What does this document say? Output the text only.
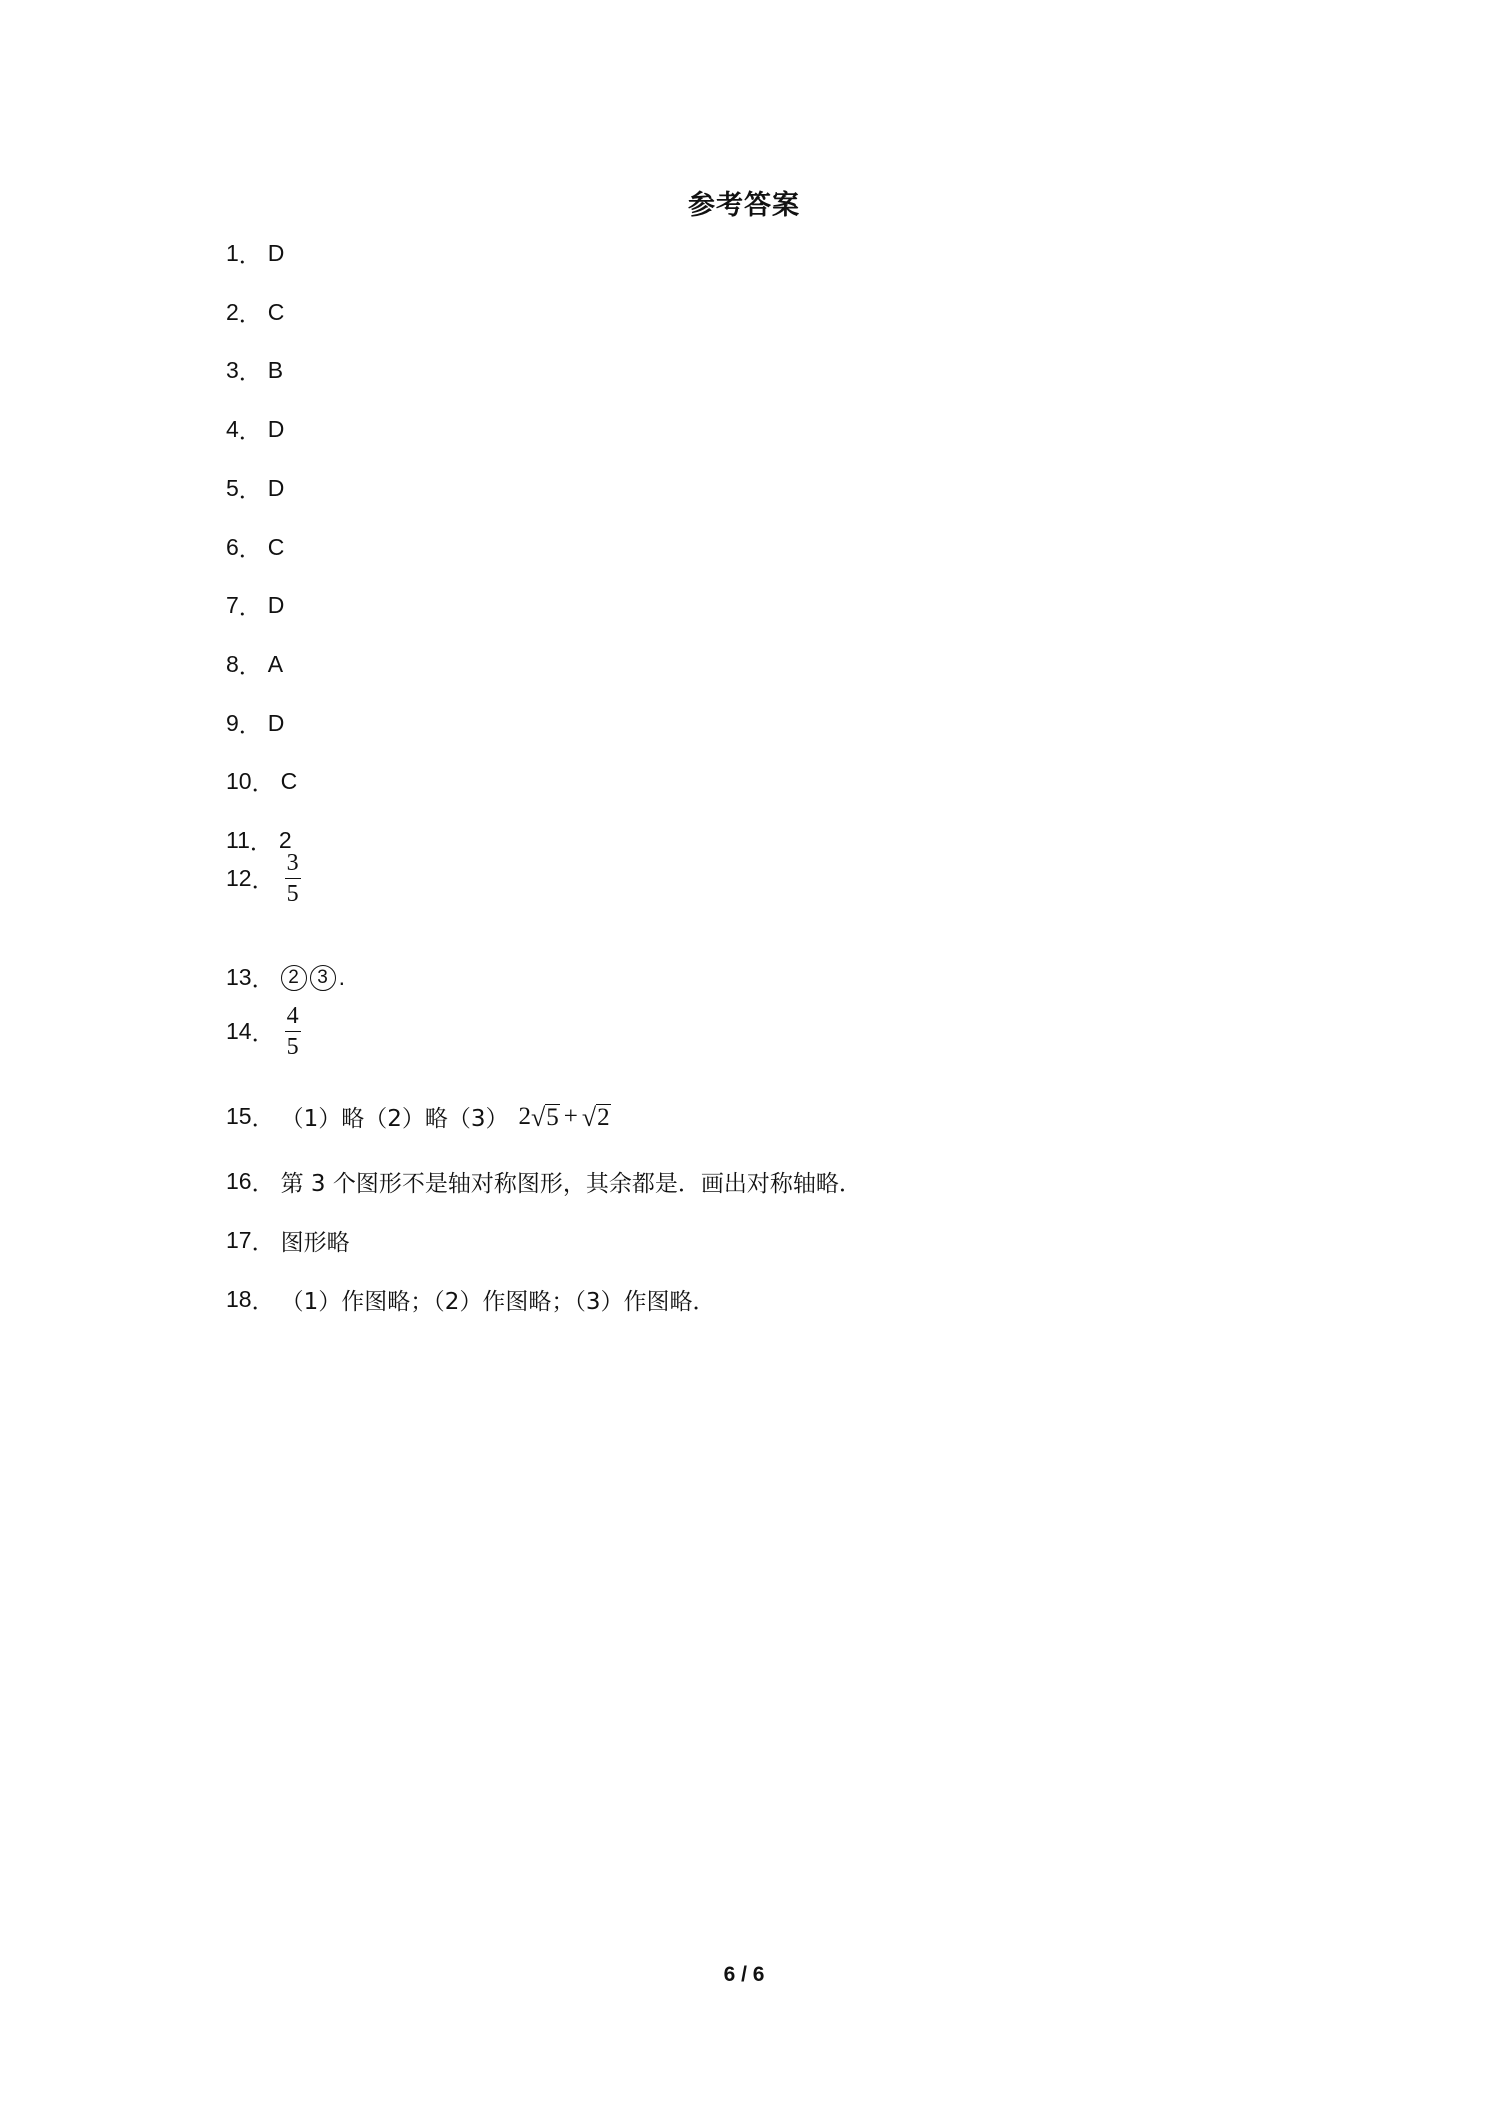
参考答案
1 ． D
2 ． C
3 ． B
4 ． D
5 ． D
6 ． C
7 ． D
8 ． A
9 ． D
10 ． C
11 ． 2
12 ． $\frac{3}{5}$
13 ． 2 3 .
14 ． $\frac{4}{5}$
15 ． （1）略（2）略（3） 2 √ 5 + √ 2
16 ． 第 3 个图形不是轴对称图形，其余都是．画出对称轴略．
17 ． 图形略
18 ． （1）作图略；（2）作图略；（3）作图略．
6 / 6
